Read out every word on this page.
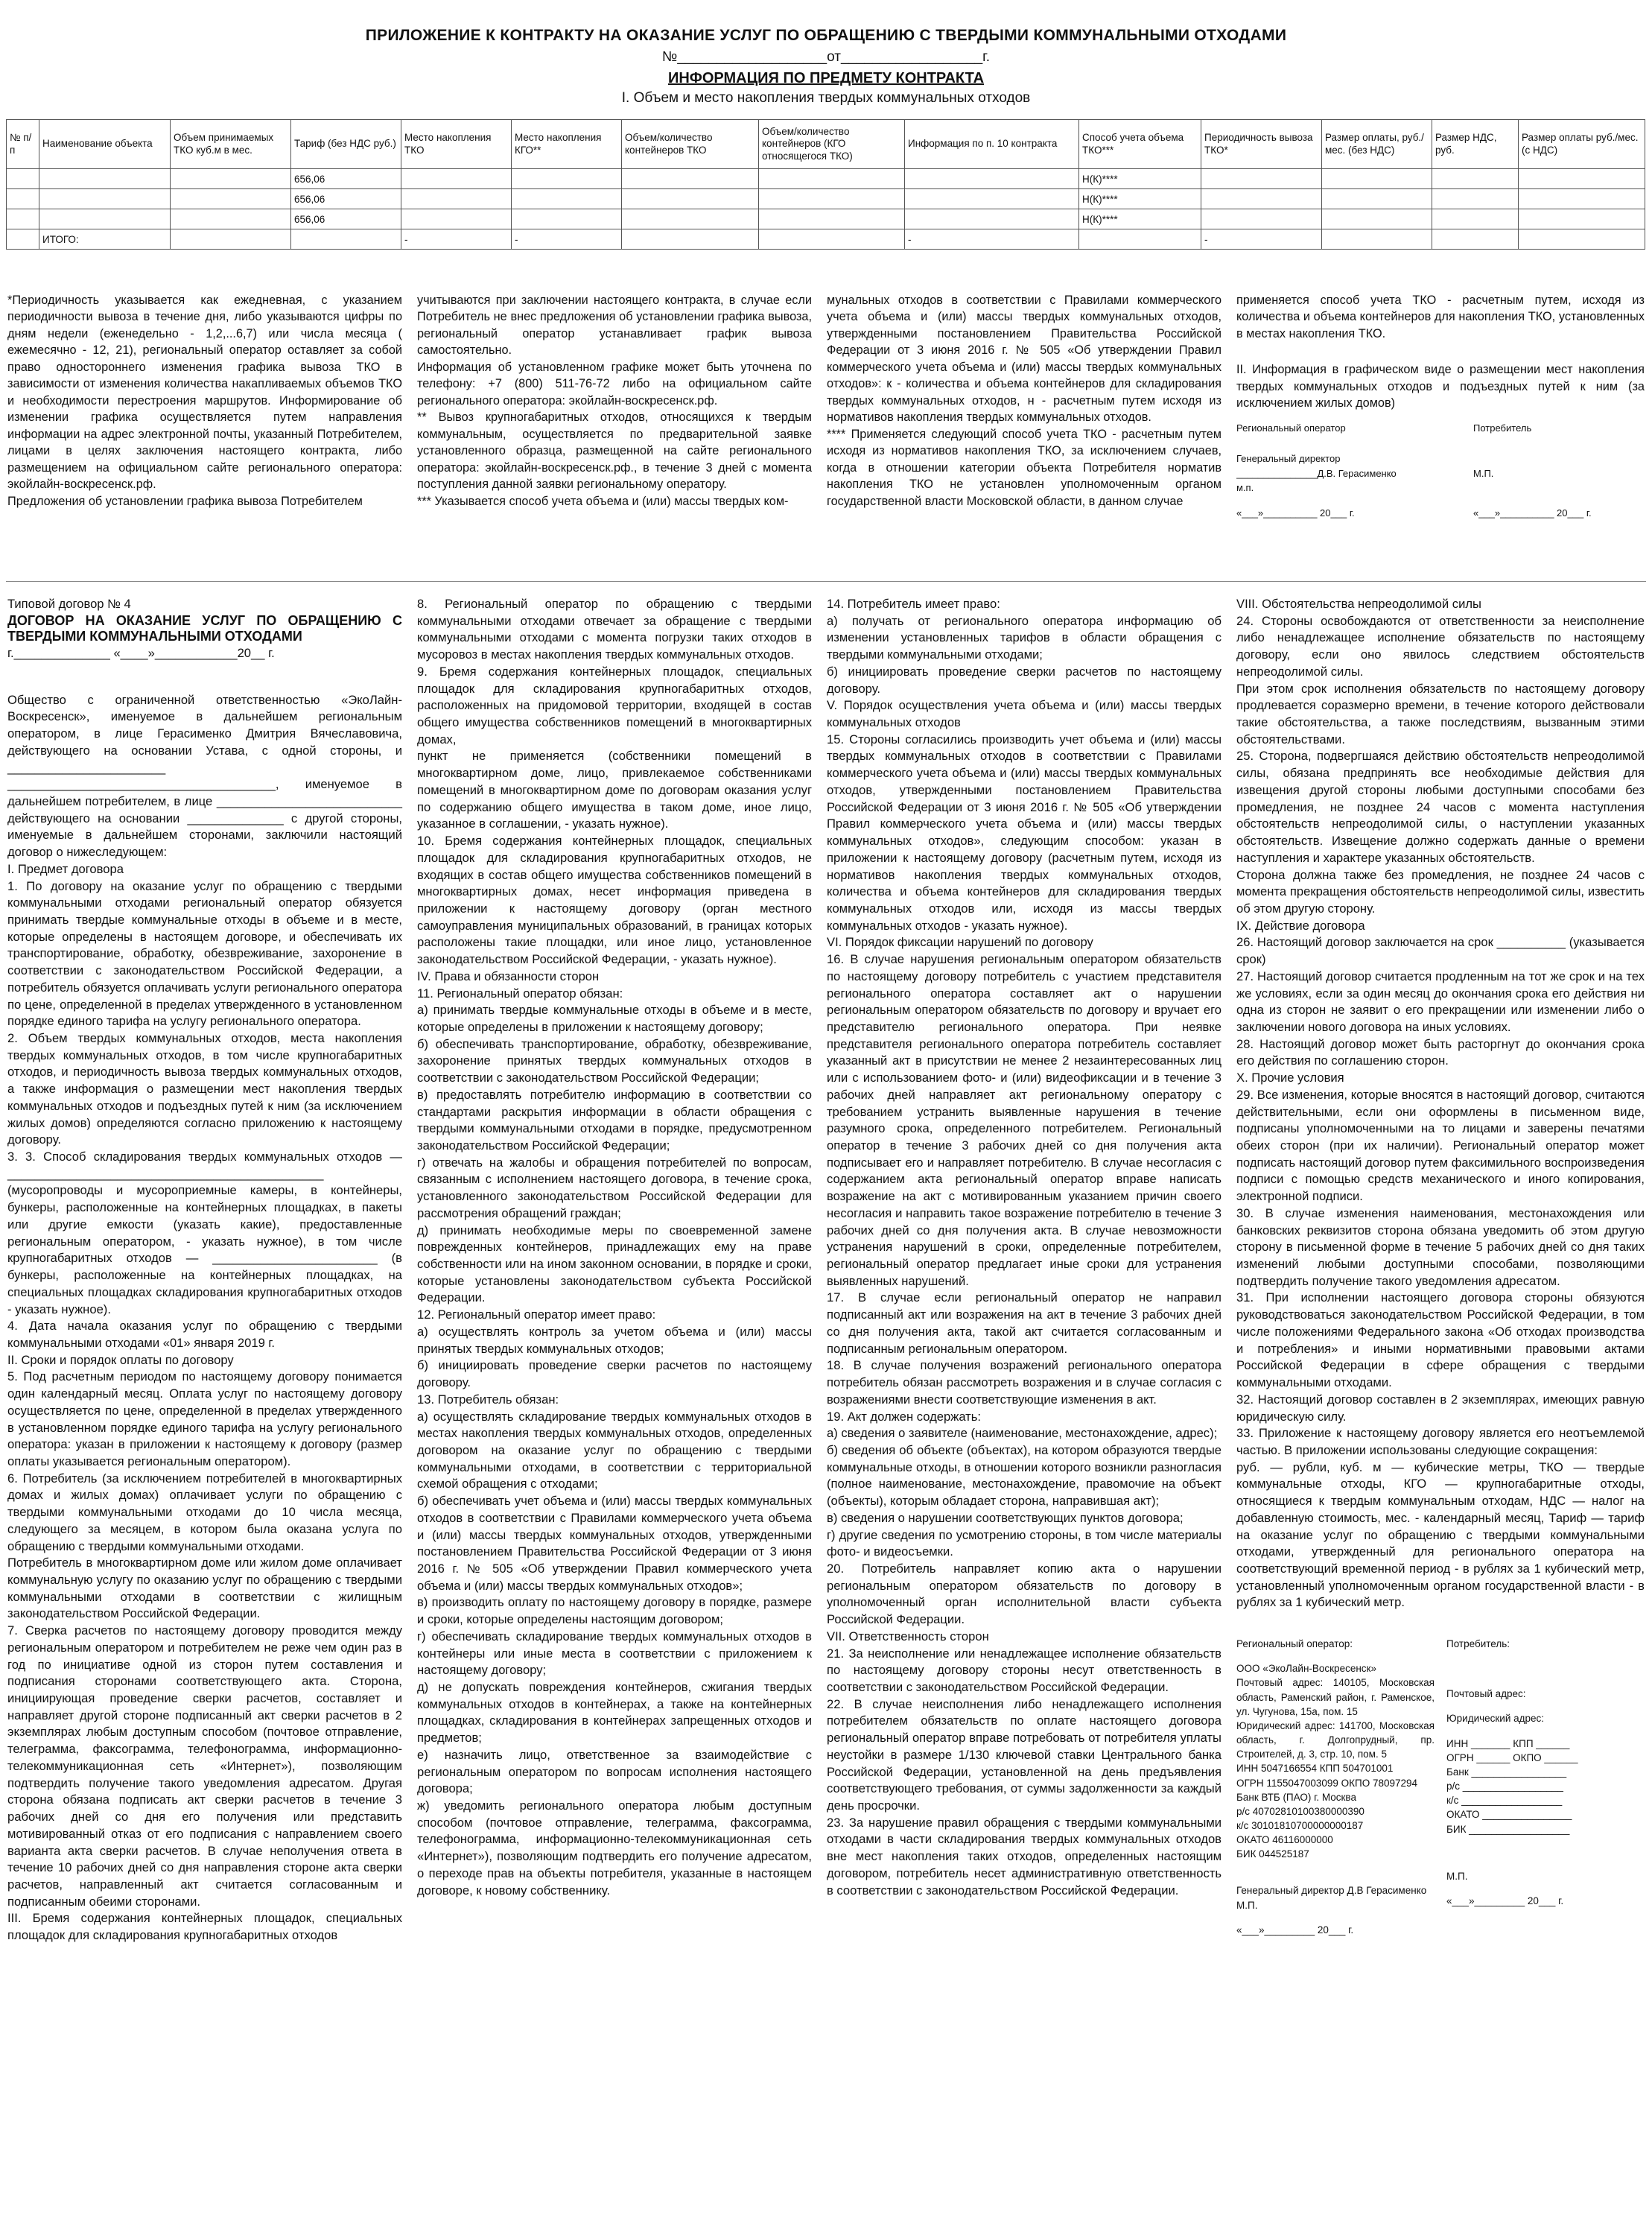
ПРИЛОЖЕНИЕ К КОНТРАКТУ НА ОКАЗАНИЕ УСЛУГ ПО ОБРАЩЕНИЮ С ТВЕРДЫМИ КОММУНАЛЬНЫМИ ОТХОДАМИ
№___________________от__________________г.
ИНФОРМАЦИЯ ПО ПРЕДМЕТУ КОНТРАКТА
I. Объем и место накопления твердых коммунальных отходов
№ п/п	Наименование объекта	Объем принимаемых ТКО куб.м в мес.	Тариф (без НДС руб.)	Место накопления ТКО	Место накопления КГО**	Объем/количество контейнеров ТКО	Объем/количество контейнеров (КГО относящегося ТКО)	Информация по п. 10 контракта	Способ учета объема ТКО***	Периодичность вывоза ТКО*	Размер оплаты, руб./мес. (без НДС)	Размер НДС, руб.	Размер оплаты руб./мес. (с НДС)
			656,06						Н(К)****				
			656,06						Н(К)****				
			656,06						Н(К)****				
	ИТОГО:			-	-			-		-			

*Периодичность указывается как ежедневная, с указанием периодичности вывоза в течение дня, либо указываются цифры по дням недели (еженедельно - 1,2,...6,7) или числа месяца ( ежемесячно - 12, 21), региональный оператор оставляет за собой право одностороннего изменения графика вывоза ТКО в зависимости от изменения количества накапливаемых объемов ТКО и необходимости перестроения маршрутов. Информирование об изменении графика осуществляется путем направления информации на адрес электронной почты, указанный Потребителем, лицами в целях заключения настоящего контракта, либо размещением на официальном сайте регионального оператора: экойлайн-воскресенск.рф.

Предложения об установлении графика вывоза Потребителем

учитываются при заключении настоящего контракта, в случае если Потребитель не внес предложения об установлении графика вывоза, региональный оператор устанавливает график вывоза самостоятельно.

Информация об установленном графике может быть уточнена по телефону: +7 (800) 511-76-72 либо на официальном сайте регионального оператора: экойлайн-воскресенск.рф.

** Вывоз крупногабаритных отходов, относящихся к твердым коммунальным, осуществляется по предварительной заявке установленного образца, размещенной на сайте регионального оператора: экойлайн-воскресенск.рф., в течение 3 дней с момента поступления данной заявки региональному оператору.

*** Указывается способ учета объема и (или) массы твердых ком-

мунальных отходов в соответствии с Правилами коммерческого учета объема и (или) массы твердых коммунальных отходов, утвержденными постановлением Правительства Российской Федерации от 3 июня 2016 г. № 505 «Об утверждении Правил коммерческого учета объема и (или) массы твердых коммунальных отходов»: к - количества и объема контейнеров для складирования твердых коммунальных отходов, н - расчетным путем исходя из нормативов накопления твердых коммунальных отходов.

**** Применяется следующий способ учета ТКО - расчетным путем исходя из нормативов накопления ТКО, за исключением случаев, когда в отношении категории объекта Потребителя норматив накопления ТКО не установлен уполномоченным органом государственной власти Московской области, в данном случае

применяется способ учета ТКО - расчетным путем, исходя из количества и объема контейнеров для накопления ТКО, установленных в местах накопления ТКО.

II. Информация в графическом виде о размещении мест накопления твердых коммунальных отходов и подъездных путей к ним (за исключением жилых домов)

Региональный оператор	Потребитель
Генеральный директор
_______________Д.В. Герасименко	М.П.
м.п.
«___»__________ 20___ г.	«___»__________ 20___ г.
Типовой договор № 4
ДОГОВОР НА ОКАЗАНИЕ УСЛУГ ПО ОБРАЩЕНИЮ С ТВЕРДЫМИ КОММУНАЛЬНЫМИ ОТХОДАМИ
г.______________ «____»____________20__ г.

Общество с ограниченной ответственностью «ЭкоЛайн-Воскресенск», именуемое в дальнейшем региональным оператором, в лице Герасименко Дмитрия Вячеславовича, действующего на основании Устава, с одной стороны, и _______________________

_______________________________________, именуемое в дальнейшем потребителем, в лице ___________________________ действующего на основании ______________ с другой стороны, именуемые в дальнейшем сторонами, заключили настоящий договор о нижеследующем:

I. Предмет договора

1. По договору на оказание услуг по обращению с твердыми коммунальными отходами региональный оператор обязуется принимать твердые коммунальные отходы в объеме и в месте, которые определены в настоящем договоре, и обеспечивать их транспортирование, обработку, обезвреживание, захоронение в соответствии с законодательством Российской Федерации, а потребитель обязуется оплачивать услуги регионального оператора по цене, определенной в пределах утвержденного в установленном порядке единого тарифа на услугу регионального оператора.

2. Объем твердых коммунальных отходов, места накопления твердых коммунальных отходов, в том числе крупногабаритных отходов, и периодичность вывоза твердых коммунальных отходов, а также информация о размещении мест накопления твердых коммунальных отходов и подъездных путей к ним (за исключением жилых домов) определяются согласно приложению к настоящему договору.

3. 3. Способ складирования твердых коммунальных отходов — ______________________________________________

(мусоропроводы и мусороприемные камеры, в контейнеры, бункеры, расположенные на контейнерных площадках, в пакеты или другие емкости (указать какие), предоставленные региональным оператором, - указать нужное), в том числе крупногабаритных отходов — ________________________ (в бункеры, расположенные на контейнерных площадках, на специальных площадках складирования крупногабаритных отходов - указать нужное).

4. Дата начала оказания услуг по обращению с твердыми коммунальными отходами «01» января 2019 г.

II. Сроки и порядок оплаты по договору

5. Под расчетным периодом по настоящему договору понимается один календарный месяц. Оплата услуг по настоящему договору осуществляется по цене, определенной в пределах утвержденного в установленном порядке единого тарифа на услугу регионального оператора: указан в приложении к настоящему к договору (размер оплаты указывается региональным оператором).

6. Потребитель (за исключением потребителей в многоквартирных домах и жилых домах) оплачивает услуги по обращению с твердыми коммунальными отходами до 10 числа месяца, следующего за месяцем, в котором была оказана услуга по обращению с твердыми коммунальными отходами.

Потребитель в многоквартирном доме или жилом доме оплачивает коммунальную услугу по оказанию услуг по обращению с твердыми коммунальными отходами в соответствии с жилищным законодательством Российской Федерации.

7. Сверка расчетов по настоящему договору проводится между региональным оператором и потребителем не реже чем один раз в год по инициативе одной из сторон путем составления и подписания сторонами соответствующего акта. Сторона, инициирующая проведение сверки расчетов, составляет и направляет другой стороне подписанный акт сверки расчетов в 2 экземплярах любым доступным способом (почтовое отправление, телеграмма, факсограмма, телефонограмма, информационно-телекоммуникационная сеть «Интернет»), позволяющим подтвердить получение такого уведомления адресатом. Другая сторона обязана подписать акт сверки расчетов в течение 3 рабочих дней со дня его получения или представить мотивированный отказ от его подписания с направлением своего варианта акта сверки расчетов. В случае неполучения ответа в течение 10 рабочих дней со дня направления стороне акта сверки расчетов, направленный акт считается согласованным и подписанным обеими сторонами.

III. Бремя содержания контейнерных площадок, специальных площадок для складирования крупногабаритных отходов

8. Региональный оператор по обращению с твердыми коммунальными отходами отвечает за обращение с твердыми коммунальными отходами с момента погрузки таких отходов в мусоровоз в местах накопления твердых коммунальных отходов.

9. Бремя содержания контейнерных площадок, специальных площадок для складирования крупногабаритных отходов, расположенных на придомовой территории, входящей в состав общего имущества собственников помещений в многоквартирных домах,

пункт не применяется (собственники помещений в многоквартирном доме, лицо, привлекаемое собственниками помещений в многоквартирном доме по договорам оказания услуг по содержанию общего имущества в таком доме, иное лицо, указанное в соглашении, - указать нужное).

10. Бремя содержания контейнерных площадок, специальных площадок для складирования крупногабаритных отходов, не входящих в состав общего имущества собственников помещений в многоквартирных домах, несет информация приведена в приложении к настоящему договору (орган местного самоуправления муниципальных образований, в границах которых расположены такие площадки, или иное лицо, установленное законодательством Российской Федерации, - указать нужное).

IV. Права и обязанности сторон

11. Региональный оператор обязан:

а) принимать твердые коммунальные отходы в объеме и в месте, которые определены в приложении к настоящему договору;

б) обеспечивать транспортирование, обработку, обезвреживание, захоронение принятых твердых коммунальных отходов в соответствии с законодательством Российской Федерации;

в) предоставлять потребителю информацию в соответствии со стандартами раскрытия информации в области обращения с твердыми коммунальными отходами в порядке, предусмотренном законодательством Российской Федерации;

г) отвечать на жалобы и обращения потребителей по вопросам, связанным с исполнением настоящего договора, в течение срока, установленного законодательством Российской Федерации для рассмотрения обращений граждан;

д) принимать необходимые меры по своевременной замене поврежденных контейнеров, принадлежащих ему на праве собственности или на ином законном основании, в порядке и сроки, которые установлены законодательством субъекта Российской Федерации.

12. Региональный оператор имеет право:

а) осуществлять контроль за учетом объема и (или) массы принятых твердых коммунальных отходов;

б) инициировать проведение сверки расчетов по настоящему договору.

13. Потребитель обязан:

а) осуществлять складирование твердых коммунальных отходов в местах накопления твердых коммунальных отходов, определенных договором на оказание услуг по обращению с твердыми коммунальными отходами, в соответствии с территориальной схемой обращения с отходами;

б) обеспечивать учет объема и (или) массы твердых коммунальных отходов в соответствии с Правилами коммерческого учета объема и (или) массы твердых коммунальных отходов, утвержденными постановлением Правительства Российской Федерации от 3 июня 2016 г. № 505 «Об утверждении Правил коммерческого учета объема и (или) массы твердых коммунальных отходов»;

в) производить оплату по настоящему договору в порядке, размере и сроки, которые определены настоящим договором;

г) обеспечивать складирование твердых коммунальных отходов в контейнеры или иные места в соответствии с приложением к настоящему договору;

д) не допускать повреждения контейнеров, сжигания твердых коммунальных отходов в контейнерах, а также на контейнерных площадках, складирования в контейнерах запрещенных отходов и предметов;

е) назначить лицо, ответственное за взаимодействие с региональным оператором по вопросам исполнения настоящего договора;

ж) уведомить регионального оператора любым доступным способом (почтовое отправление, телеграмма, факсограмма, телефонограмма, информационно-телекоммуникационная сеть «Интернет»), позволяющим подтвердить его получение адресатом, о переходе прав на объекты потребителя, указанные в настоящем договоре, к новому собственнику.

14. Потребитель имеет право:

а) получать от регионального оператора информацию об изменении установленных тарифов в области обращения с твердыми коммунальными отходами;

б) инициировать проведение сверки расчетов по настоящему договору.

V. Порядок осуществления учета объема и (или) массы твердых коммунальных отходов

15. Стороны согласились производить учет объема и (или) массы твердых коммунальных отходов в соответствии с Правилами коммерческого учета объема и (или) массы твердых коммунальных отходов, утвержденными постановлением Правительства Российской Федерации от 3 июня 2016 г. № 505 «Об утверждении Правил коммерческого учета объема и (или) массы твердых коммунальных отходов», следующим способом: указан в приложении к настоящему договору (расчетным путем, исходя из нормативов накопления твердых коммунальных отходов, количества и объема контейнеров для складирования твердых коммунальных отходов или, исходя из массы твердых коммунальных отходов - указать нужное).

VI. Порядок фиксации нарушений по договору

16. В случае нарушения региональным оператором обязательств по настоящему договору потребитель с участием представителя регионального оператора составляет акт о нарушении региональным оператором обязательств по договору и вручает его представителю регионального оператора. При неявке представителя регионального оператора потребитель составляет указанный акт в присутствии не менее 2 незаинтересованных лиц или с использованием фото- и (или) видеофиксации и в течение 3 рабочих дней направляет акт региональному оператору с требованием устранить выявленные нарушения в течение разумного срока, определенного потребителем. Региональный оператор в течение 3 рабочих дней со дня получения акта подписывает его и направляет потребителю. В случае несогласия с содержанием акта региональный оператор вправе написать возражение на акт с мотивированным указанием причин своего несогласия и направить такое возражение потребителю в течение 3 рабочих дней со дня получения акта. В случае невозможности устранения нарушений в сроки, определенные потребителем, региональный оператор предлагает иные сроки для устранения выявленных нарушений.

17. В случае если региональный оператор не направил подписанный акт или возражения на акт в течение 3 рабочих дней со дня получения акта, такой акт считается согласованным и подписанным региональным оператором.

18. В случае получения возражений регионального оператора потребитель обязан рассмотреть возражения и в случае согласия с возражениями внести соответствующие изменения в акт.

19. Акт должен содержать:

а) сведения о заявителе (наименование, местонахождение, адрес);

б) сведения об объекте (объектах), на котором образуются твердые коммунальные отходы, в отношении которого возникли разногласия (полное наименование, местонахождение, правомочие на объект (объекты), которым обладает сторона, направившая акт);

в) сведения о нарушении соответствующих пунктов договора;

г) другие сведения по усмотрению стороны, в том числе материалы фото- и видеосъемки.

20. Потребитель направляет копию акта о нарушении региональным оператором обязательств по договору в уполномоченный орган исполнительной власти субъекта Российской Федерации.

VII. Ответственность сторон

21. За неисполнение или ненадлежащее исполнение обязательств по настоящему договору стороны несут ответственность в соответствии с законодательством Российской Федерации.

22. В случае неисполнения либо ненадлежащего исполнения потребителем обязательств по оплате настоящего договора региональный оператор вправе потребовать от потребителя уплаты неустойки в размере 1/130 ключевой ставки Центрального банка Российской Федерации, установленной на день предъявления соответствующего требования, от суммы задолженности за каждый день просрочки.

23. За нарушение правил обращения с твердыми коммунальными отходами в части складирования твердых коммунальных отходов вне мест накопления таких отходов, определенных настоящим договором, потребитель несет административную ответственность в соответствии с законодательством Российской Федерации.

VIII. Обстоятельства непреодолимой силы

24. Стороны освобождаются от ответственности за неисполнение либо ненадлежащее исполнение обязательств по настоящему договору, если оно явилось следствием обстоятельств непреодолимой силы.

При этом срок исполнения обязательств по настоящему договору продлевается соразмерно времени, в течение которого действовали такие обстоятельства, а также последствиям, вызванным этими обстоятельствами.

25. Сторона, подвергшаяся действию обстоятельств непреодолимой силы, обязана предпринять все необходимые действия для извещения другой стороны любыми доступными способами без промедления, не позднее 24 часов с момента наступления обстоятельств непреодолимой силы, о наступлении указанных обстоятельств. Извещение должно содержать данные о времени наступления и характере указанных обстоятельств.

Сторона должна также без промедления, не позднее 24 часов с момента прекращения обстоятельств непреодолимой силы, известить об этом другую сторону.

IX. Действие договора

26. Настоящий договор заключается на срок __________ (указывается срок)

27. Настоящий договор считается продленным на тот же срок и на тех же условиях, если за один месяц до окончания срока его действия ни одна из сторон не заявит о его прекращении или изменении либо о заключении нового договора на иных условиях.

28. Настоящий договор может быть расторгнут до окончания срока его действия по соглашению сторон.

X. Прочие условия

29. Все изменения, которые вносятся в настоящий договор, считаются действительными, если они оформлены в письменном виде, подписаны уполномоченными на то лицами и заверены печатями обеих сторон (при их наличии). Региональный оператор может подписать настоящий договор путем факсимильного воспроизведения подписи с помощью средств механического и иного копирования, электронной подписи.

30. В случае изменения наименования, местонахождения или банковских реквизитов сторона обязана уведомить об этом другую сторону в письменной форме в течение 5 рабочих дней со дня таких изменений любыми доступными способами, позволяющими подтвердить получение такого уведомления адресатом.

31. При исполнении настоящего договора стороны обязуются руководствоваться законодательством Российской Федерации, в том числе положениями Федерального закона «Об отходах производства и потребления» и иными нормативными правовыми актами Российской Федерации в сфере обращения с твердыми коммунальными отходами.

32. Настоящий договор составлен в 2 экземплярах, имеющих равную юридическую силу.

33. Приложение к настоящему договору является его неотъемлемой частью. В приложении использованы следующие сокращения:

руб. — рубли, куб. м — кубические метры, ТКО — твердые коммунальные отходы, КГО — крупногабаритные отходы, относящиеся к твердым коммунальным отходам, НДС — налог на добавленную стоимость, мес. - календарный месяц, Тариф — тариф на оказание услуг по обращению с твердыми коммунальными отходами, утвержденный для регионального оператора на соответствующий временной период - в рублях за 1 кубический метр, установленный уполномоченным органом государственной власти - в рублях за 1 кубический метр.

Региональный оператор:
ООО «ЭкоЛайн-Воскресенск»
Почтовый адрес: 140105, Московская область, Раменский район, г. Раменское, ул. Чугунова, 15а, пом. 15
Юридический адрес: 141700, Московская область, г. Долгопрудный, пр. Строителей, д. 3, стр. 10, пом. 5
ИНН 5047166554 КПП 504701001
ОГРН 1155047003099 ОКПО 78097294
Банк ВТБ (ПАО) г. Москва
р/с 40702810100380000390
к/с 30101810700000000187
ОКАТО 46116000000
БИК 044525187
Генеральный директор Д.В Герасименко
М.П.
«___»_________ 20___ г.
Потребитель:
Почтовый адрес:
Юридический адрес:
ИНН _______ КПП ______
ОГРН ______ ОКПО ______
Банк _________________
р/с __________________
к/с __________________
ОКАТО ________________
БИК __________________
М.П.
«___»_________ 20___ г.
